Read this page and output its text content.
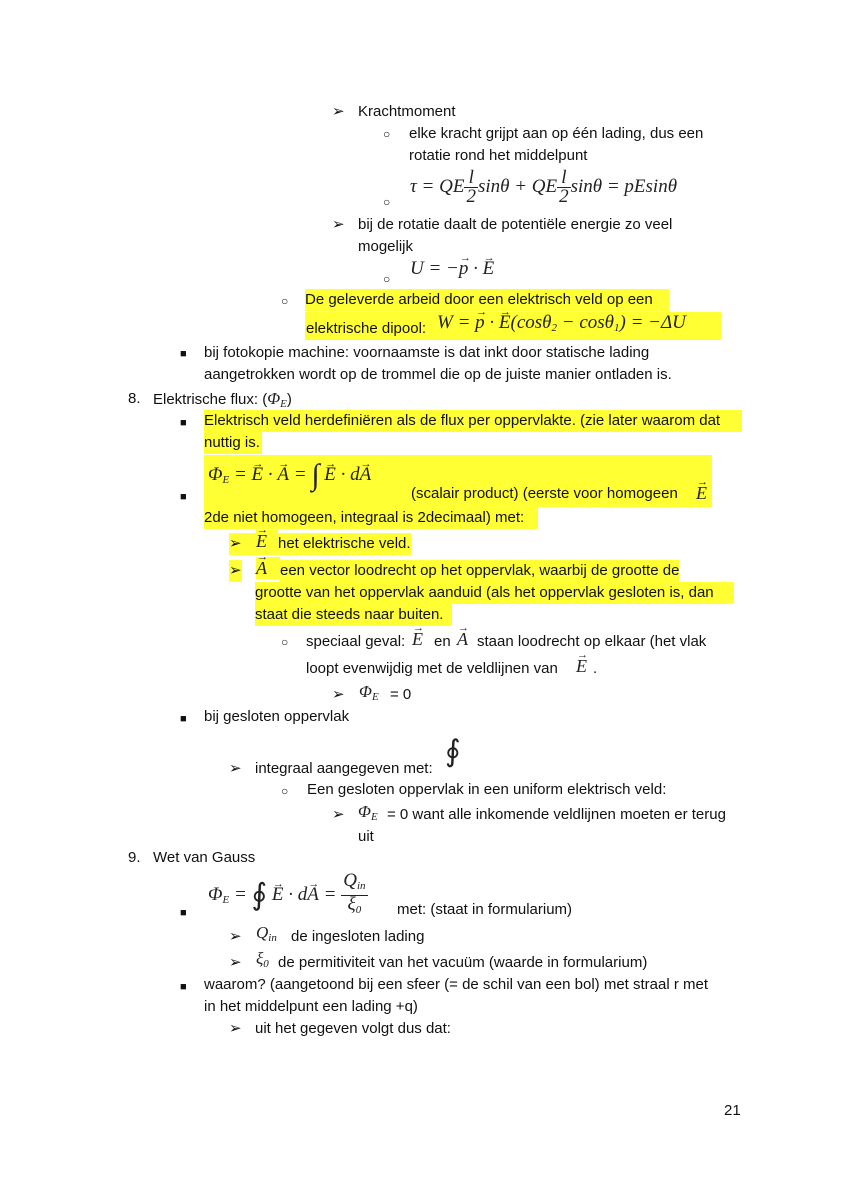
➢ Krachtmoment
○ elke kracht grijpt aan op één lading, dus een
rotatie rond het middelpunt
○
τ = QE $\frac{l}{2}$ sinθ + QE $\frac{l}{2}$ sinθ = pEsinθ
➢ bij de rotatie daalt de potentiële energie zo veel
mogelijk
○ U = −→ p · → E
○ De geleverde arbeid door een elektrisch veld op een
elektrische dipool: W = → p · → E(cosθ$_2$ − cosθ$_1$) = −ΔU
■ bij fotokopie machine: voornaamste is dat inkt door statische lading
aangetrokken wordt op de trommel die op de juiste manier ontladen is.
8. Elektrische flux: $(\Phi_E)$
■ Elektrisch veld herdefiniëren als de flux per oppervlakte. (zie later waarom dat
nuttig is.
■
$\Phi_E$ = → E · → A = ∫ → E · d→ A
(scalair product) (eerste voor homogeen → E
2de niet homogeen, integraal is 2decimaal) met:
➢ → E het elektrische veld.
➢ → A een vector loodrecht op het oppervlak, waarbij de grootte de
grootte van het oppervlak aanduid (als het oppervlak gesloten is, dan
staat die steeds naar buiten.
○ speciaal geval: → E en → A staan loodrecht op elkaar (het vlak
loopt evenwijdig met de veldlijnen van → E .
➢ $\Phi_E = 0$
■ bij gesloten oppervlak
➢ integraal aangegeven met:
∮
○ Een gesloten oppervlak in een uniform elektrisch veld:
➢ $\Phi_E = 0$ want alle inkomende veldlijnen moeten er terug
uit
9. Wet van Gauss
■
$\Phi_E$ = ∮ → $E \cdot d\to A = \frac{Q_{in}}{\xi_0}$ met: (staat in formularium)
➢ $Q_{in}$ de ingesloten lading
➢ $\xi_0$ de permitiviteit van het vacuüm (waarde in formularium)
■ waarom? (aangetoond bij een sfeer (= de schil van een bol) met straal r met
in het middelpunt een lading +q)
➢ uit het gegeven volgt dus dat:
21
